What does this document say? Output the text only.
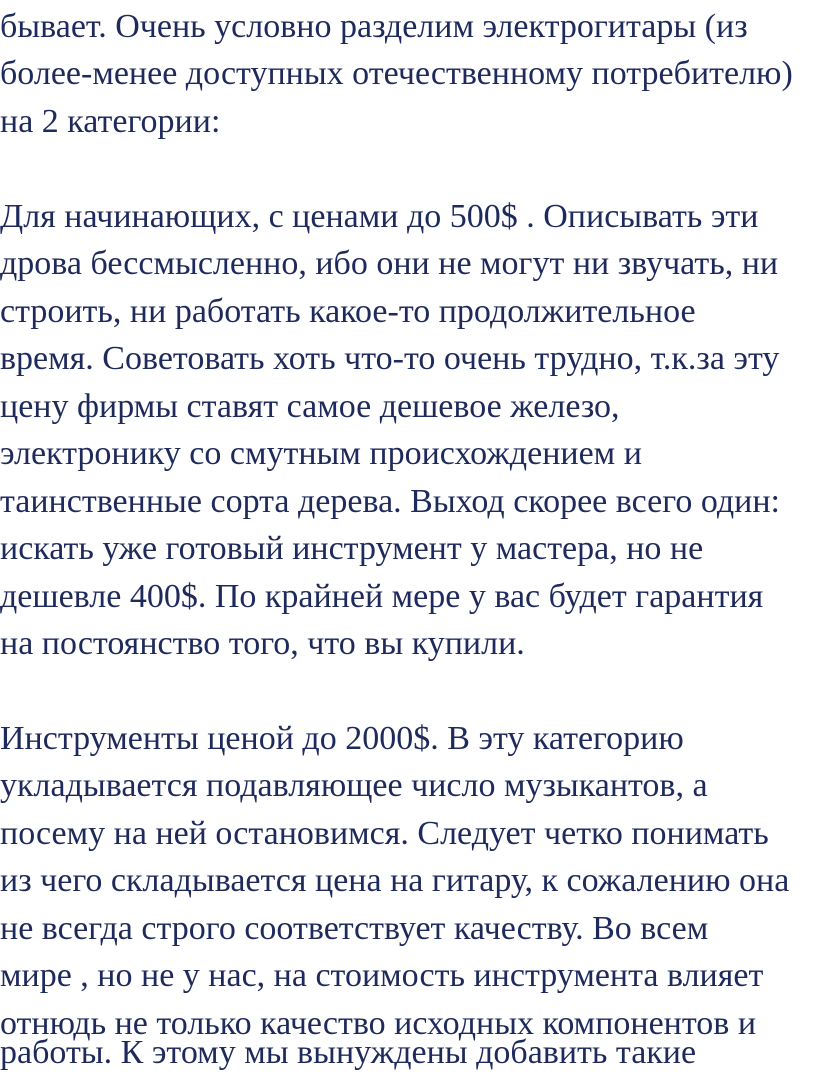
бывает. Очень условно разделим электрогитары (из
более-менее доступных отечественному потребителю)
на 2 категории:
Для начинающих, с ценами до 500$ . Описывать эти
дрова бессмысленно, ибо они не могут ни звучать, ни
строить, ни работать какое-то продолжительное
время. Советовать хоть что-то очень трудно, т.к.за эту
цену фирмы ставят самое дешевое железо,
электронику со смутным происхождением и
таинственные сорта дерева. Выход скорее всего один:
искать уже готовый инструмент у мастера, но не
дешевле 400$. По крайней мере у вас будет гарантия
на постоянство того, что вы купили.
Инструменты ценой до 2000$. В эту категорию
укладывается подавляющее число музыкантов, а
посему на ней остановимся. Следует четко понимать
из чего складывается цена на гитару, к сожалению она
не всегда строго соответствует качеству. Во всем
мире , но не у нас, на стоимость инструмента влияет
отнюдь не только качество исходных компонентов и
работы. К этому мы вынуждены добавить такие
